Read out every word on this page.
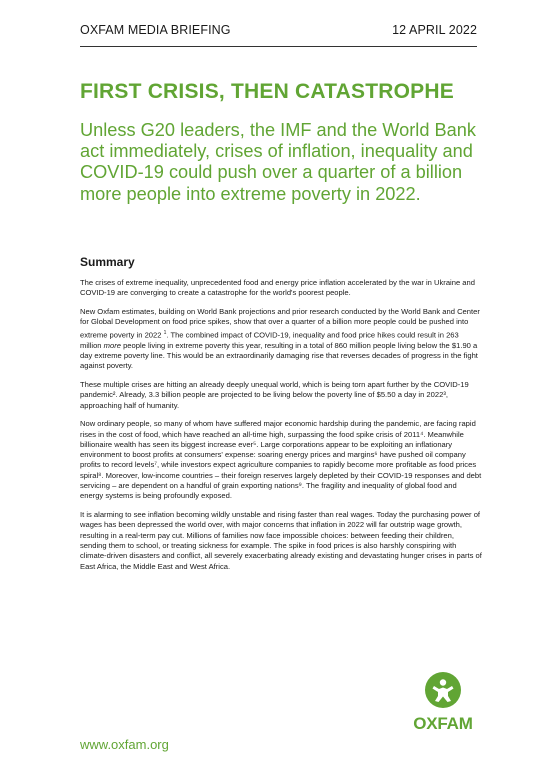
OXFAM MEDIA BRIEFING	12 APRIL 2022
FIRST CRISIS, THEN CATASTROPHE

Unless G20 leaders, the IMF and the World Bank act immediately, crises of inflation, inequality and COVID-19 could push over a quarter of a billion more people into extreme poverty in 2022.

Summary

The crises of extreme inequality, unprecedented food and energy price inflation accelerated by the war in Ukraine and COVID-19 are converging to create a catastrophe for the world's poorest people.

New Oxfam estimates, building on World Bank projections and prior research conducted by the World Bank and Center for Global Development on food price spikes, show that over a quarter of a billion more people could be pushed into extreme poverty in 2022 $^1$. The combined impact of COVID-19, inequality and food price hikes could result in 263 million more people living in extreme poverty this year, resulting in a total of 860 million people living below the $1.90 a day extreme poverty line. This would be an extraordinarily damaging rise that reverses decades of progress in the fight against poverty.

These multiple crises are hitting an already deeply unequal world, which is being torn apart further by the COVID-19 pandemic². Already, 3.3 billion people are projected to be living below the poverty line of $5.50 a day in 2022³, approaching half of humanity.

Now ordinary people, so many of whom have suffered major economic hardship during the pandemic, are facing rapid rises in the cost of food, which have reached an all-time high, surpassing the food spike crisis of 2011⁴. Meanwhile billionaire wealth has seen its biggest increase ever⁵. Large corporations appear to be exploiting an inflationary environment to boost profits at consumers' expense: soaring energy prices and margins⁶ have pushed oil company profits to record levels⁷, while investors expect agriculture companies to rapidly become more profitable as food prices spiral⁸. Moreover, low-income countries – their foreign reserves largely depleted by their COVID-19 responses and debt servicing – are dependent on a handful of grain exporting nations⁹. The fragility and inequality of global food and energy systems is being profoundly exposed.

It is alarming to see inflation becoming wildly unstable and rising faster than real wages. Today the purchasing power of wages has been depressed the world over, with major concerns that inflation in 2022 will far outstrip wage growth, resulting in a real-term pay cut. Millions of families now face impossible choices: between feeding their children, sending them to school, or treating sickness for example. The spike in food prices is also harshly conspiring with climate-driven disasters and conflict, all severely exacerbating already existing and devastating hunger crises in parts of East Africa, the Middle East and West Africa.

www.oxfam.org
OXFAM
